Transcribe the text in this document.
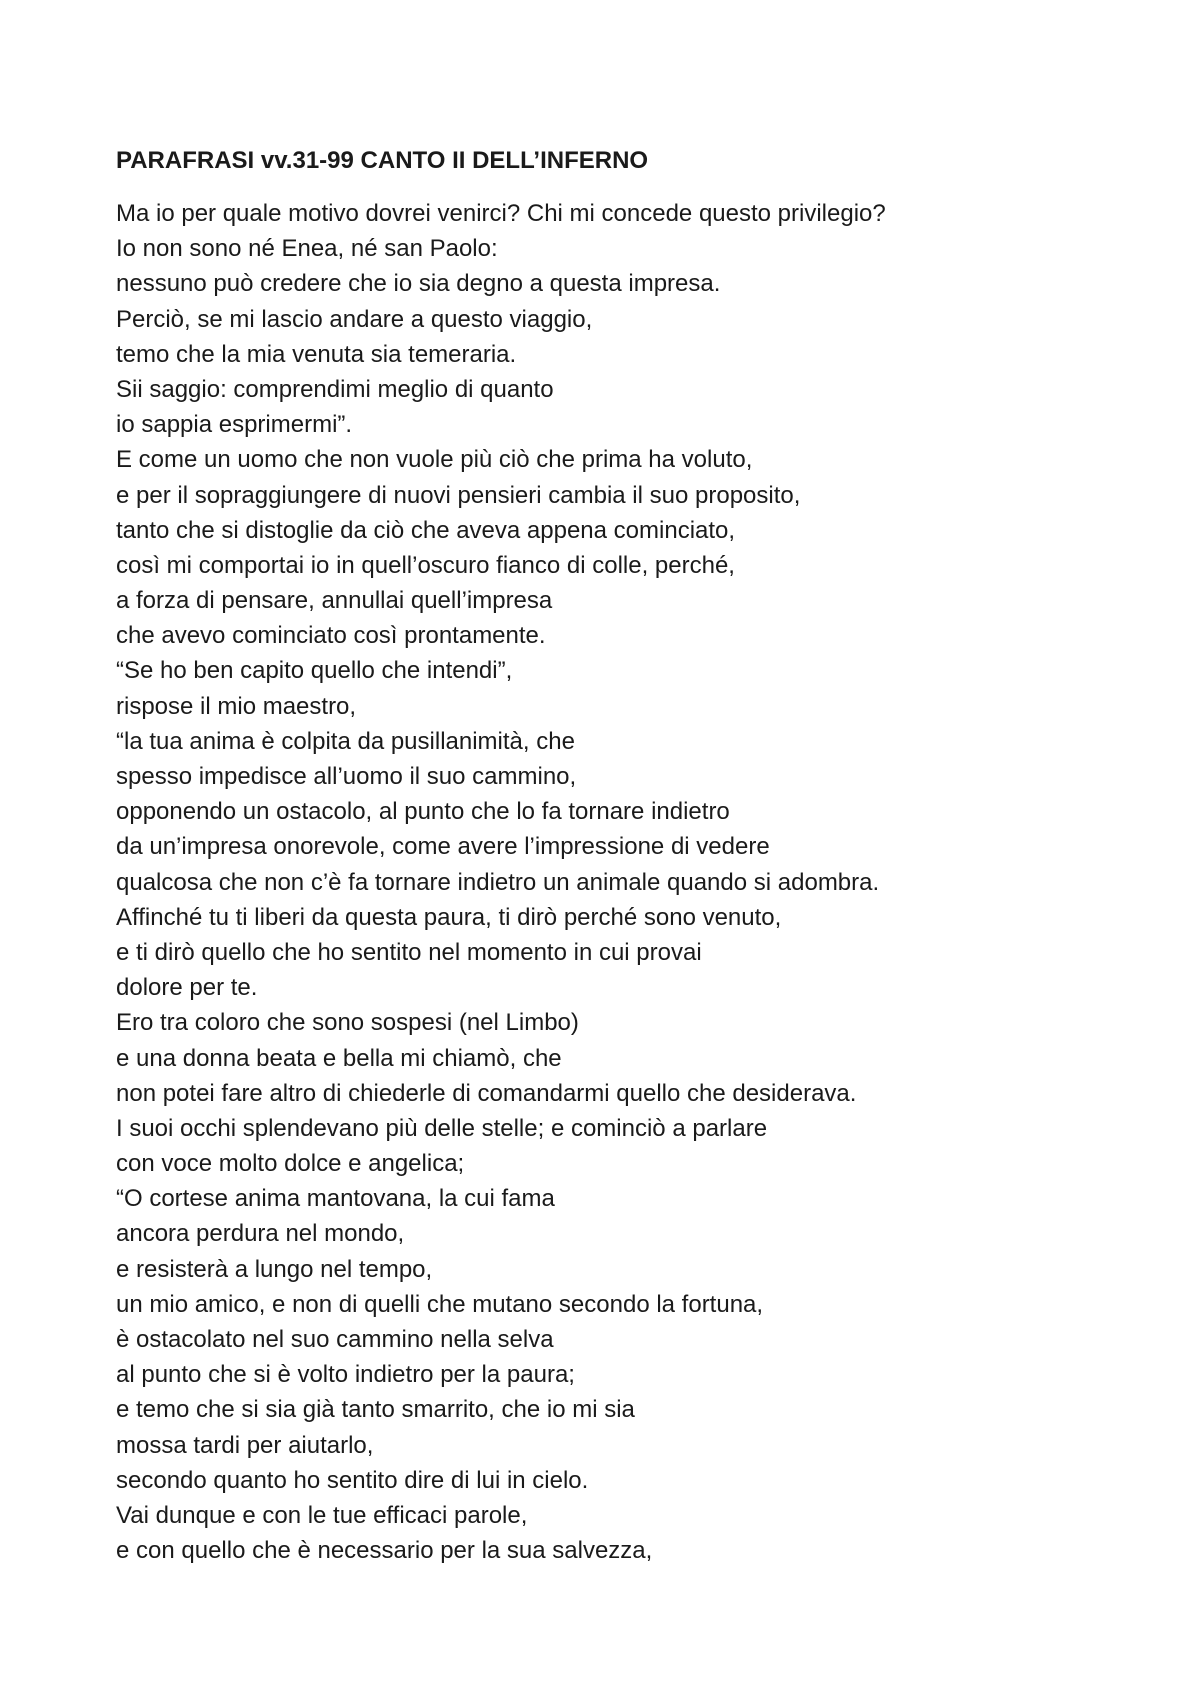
PARAFRASI vv.31-99 CANTO II DELL’INFERNO
Ma io per quale motivo dovrei venirci? Chi mi concede questo privilegio?
Io non sono né Enea, né san Paolo:
nessuno può credere che io sia degno a questa impresa.
Perciò, se mi lascio andare a questo viaggio,
temo che la mia venuta sia temeraria.
Sii saggio: comprendimi meglio di quanto
io sappia esprimermi”.
E come un uomo che non vuole più ciò che prima ha voluto,
e per il sopraggiungere di nuovi pensieri cambia il suo proposito,
tanto che si distoglie da ciò che aveva appena cominciato,
così mi comportai io in quell’oscuro fianco di colle, perché,
a forza di pensare, annullai quell’impresa
che avevo cominciato così prontamente.
“Se ho ben capito quello che intendi”,
rispose il mio maestro,
“la tua anima è colpita da pusillanimità, che
spesso impedisce all’uomo il suo cammino,
opponendo un ostacolo, al punto che lo fa tornare indietro
da un’impresa onorevole, come avere l’impressione di vedere
qualcosa che non c’è fa tornare indietro un animale quando si adombra.
Affinché tu ti liberi da questa paura, ti dirò perché sono venuto,
e ti dirò quello che ho sentito nel momento in cui provai
dolore per te.
Ero tra coloro che sono sospesi (nel Limbo)
e una donna beata e bella mi chiamò, che
non potei fare altro di chiederle di comandarmi quello che desiderava.
I suoi occhi splendevano più delle stelle; e cominciò a parlare
con voce molto dolce e angelica;
“O cortese anima mantovana, la cui fama
ancora perdura nel mondo,
e resisterà a lungo nel tempo,
un mio amico, e non di quelli che mutano secondo la fortuna,
è ostacolato nel suo cammino nella selva
al punto che si è volto indietro per la paura;
e temo che si sia già tanto smarrito, che io mi sia
mossa tardi per aiutarlo,
secondo quanto ho sentito dire di lui in cielo.
Vai dunque e con le tue efficaci parole,
e con quello che è necessario per la sua salvezza,
